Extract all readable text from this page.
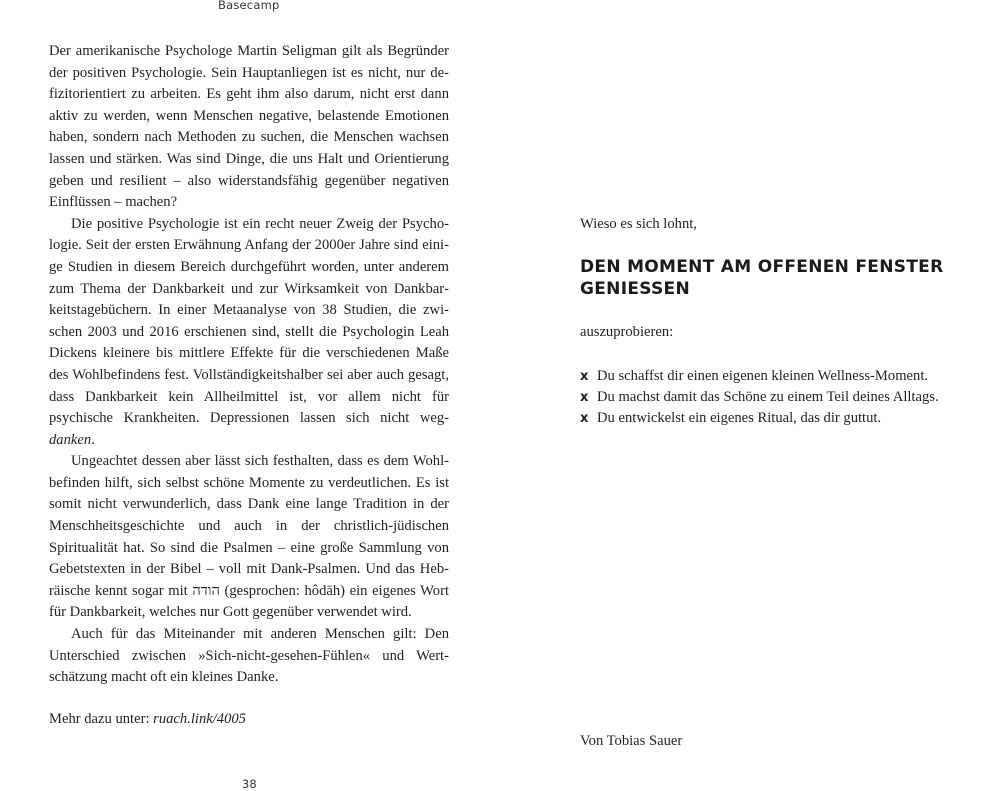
Basecamp

Der amerikanische Psychologe Martin Seligman gilt als Begründer der positiven Psychologie. Sein Hauptanliegen ist es nicht, nur defizitorientiert zu arbeiten. Es geht ihm also darum, nicht erst dann aktiv zu werden, wenn Menschen negative, belastende Emotionen haben, sondern nach Methoden zu suchen, die Menschen wachsen lassen und stärken. Was sind Dinge, die uns Halt und Orientierung geben und resilient – also widerstandsfähig gegenüber negativen Einflüssen – machen?

Die positive Psychologie ist ein recht neuer Zweig der Psychologie. Seit der ersten Erwähnung Anfang der 2000er Jahre sind einige Studien in diesem Bereich durchgeführt worden, unter anderem zum Thema der Dankbarkeit und zur Wirksamkeit von Dankbarkeitstagebüchern. In einer Metaanalyse von 38 Studien, die zwischen 2003 und 2016 erschienen sind, stellt die Psychologin Leah Dickens kleinere bis mittlere Effekte für die verschiedenen Maße des Wohlbefindens fest. Vollständigkeitshalber sei aber auch gesagt, dass Dankbarkeit kein Allheilmittel ist, vor allem nicht für psychische Krankheiten. Depressionen lassen sich nicht weg-danken.

Ungeachtet dessen aber lässt sich festhalten, dass es dem Wohlbefinden hilft, sich selbst schöne Momente zu verdeutlichen. Es ist somit nicht verwunderlich, dass Dank eine lange Tradition in der Menschheitsgeschichte und auch in der christlich-jüdischen Spiritualität hat. So sind die Psalmen – eine große Sammlung von Gebetstexten in der Bibel – voll mit Dank-Psalmen. Und das Hebräische kennt sogar mit הודה (gesprochen: hôdāh) ein eigenes Wort für Dankbarkeit, welches nur Gott gegenüber verwendet wird.

Auch für das Miteinander mit anderen Menschen gilt: Den Unterschied zwischen »Sich-nicht-gesehen-Fühlen« und Wertschätzung macht oft ein kleines Danke.

Mehr dazu unter: ruach.link/4005
38
Wieso es sich lohnt,
DEN MOMENT AM OFFENEN FENSTER GENIESSEN
auszuprobieren:
x Du schaffst dir einen eigenen kleinen Wellness-Moment.
x Du machst damit das Schöne zu einem Teil deines Alltags.
x Du entwickelst ein eigenes Ritual, das dir guttut.
Von Tobias Sauer
